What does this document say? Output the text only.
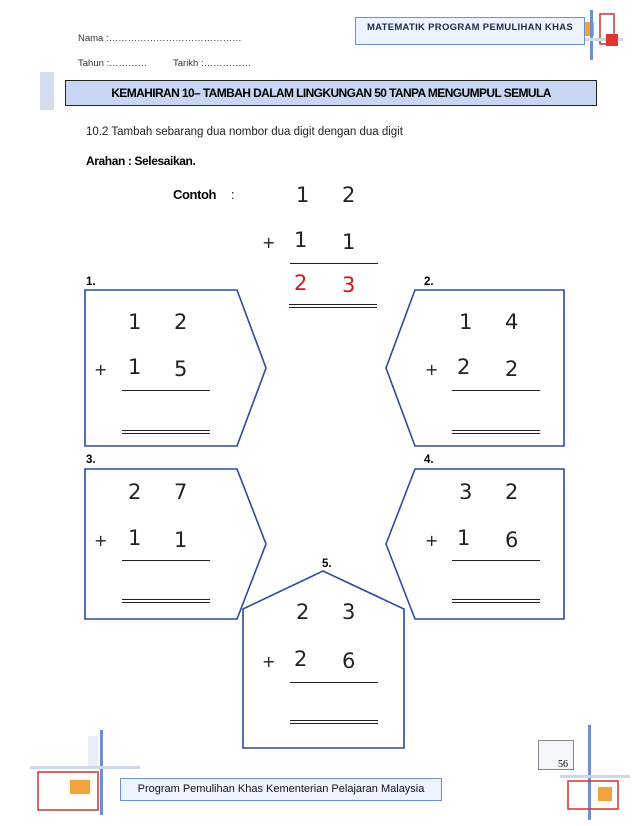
Nama :……………………………………
Tahun :…………	Tarikh :……………
MATEMATIK PROGRAM PEMULIHAN KHAS
KEMAHIRAN 10– TAMBAH DALAM LINGKUNGAN 50 TANPA MENGUMPUL SEMULA
10.2 Tambah sebarang dua nombor dua digit dengan dua digit
Arahan : Selesaikan.
Contoh :	1 2
+ 1 1
2 3
1.
1 2
+ 1 5
2.
1 4
+ 2 2
3.
2 7
+ 1 1
4.
3 2
+ 1 6
5.
2 3
+ 2 6
56
Program Pemulihan Khas Kementerian Pelajaran Malaysia
